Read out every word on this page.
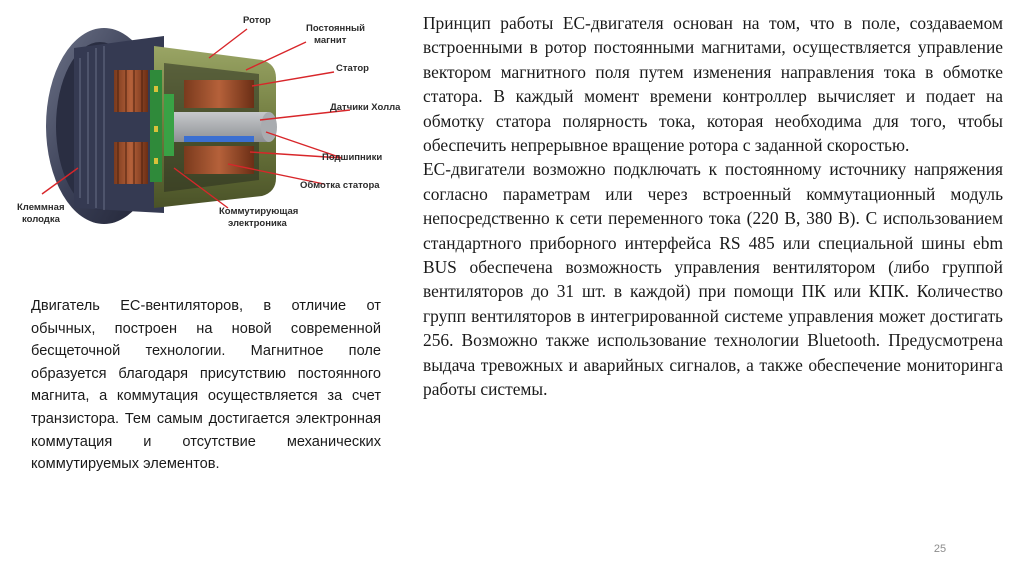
Ротор
Постоянный
магнит
Статор
Датчики Холла
Подшипники
Обмотка статора
Коммутирующая
электроника
Клеммная
колодка

Двигатель ЕС-вентиляторов, в отличие от обычных, построен на новой современной бесщеточной технологии. Магнитное поле образуется благодаря присутствию постоянного магнита, а коммутация осуществляется за счет транзистора. Тем самым достигается электронная коммутация и отсутствие механических коммутируемых элементов.

Принцип работы ЕС-двигателя основан на том, что в поле, создаваемом встроенными в ротор постоянными магнитами, осуществляется управление вектором магнитного поля путем изменения направления тока в обмотке статора. В каждый момент времени контроллер вычисляет и подает на обмотку статора полярность тока, которая необходима для того, чтобы обеспечить непрерывное вращение ротора с заданной скоростью.

ЕС-двигатели возможно подключать к постоянному источнику напряжения согласно параметрам или через встроенный коммутационный модуль непосредственно к сети переменного тока (220 В, 380 В). С использованием стандартного приборного интерфейса RS 485 или специальной шины ebm BUS обеспечена возможность управления вентилятором (либо группой вентиляторов до 31 шт. в каждой) при помощи ПК или КПК. Количество групп вентиляторов в интегрированной системе управления может достигать 256. Возможно также использование технологии Bluetooth. Предусмотрена выдача тревожных и аварийных сигналов, а также обеспечение мониторинга работы системы.

25
